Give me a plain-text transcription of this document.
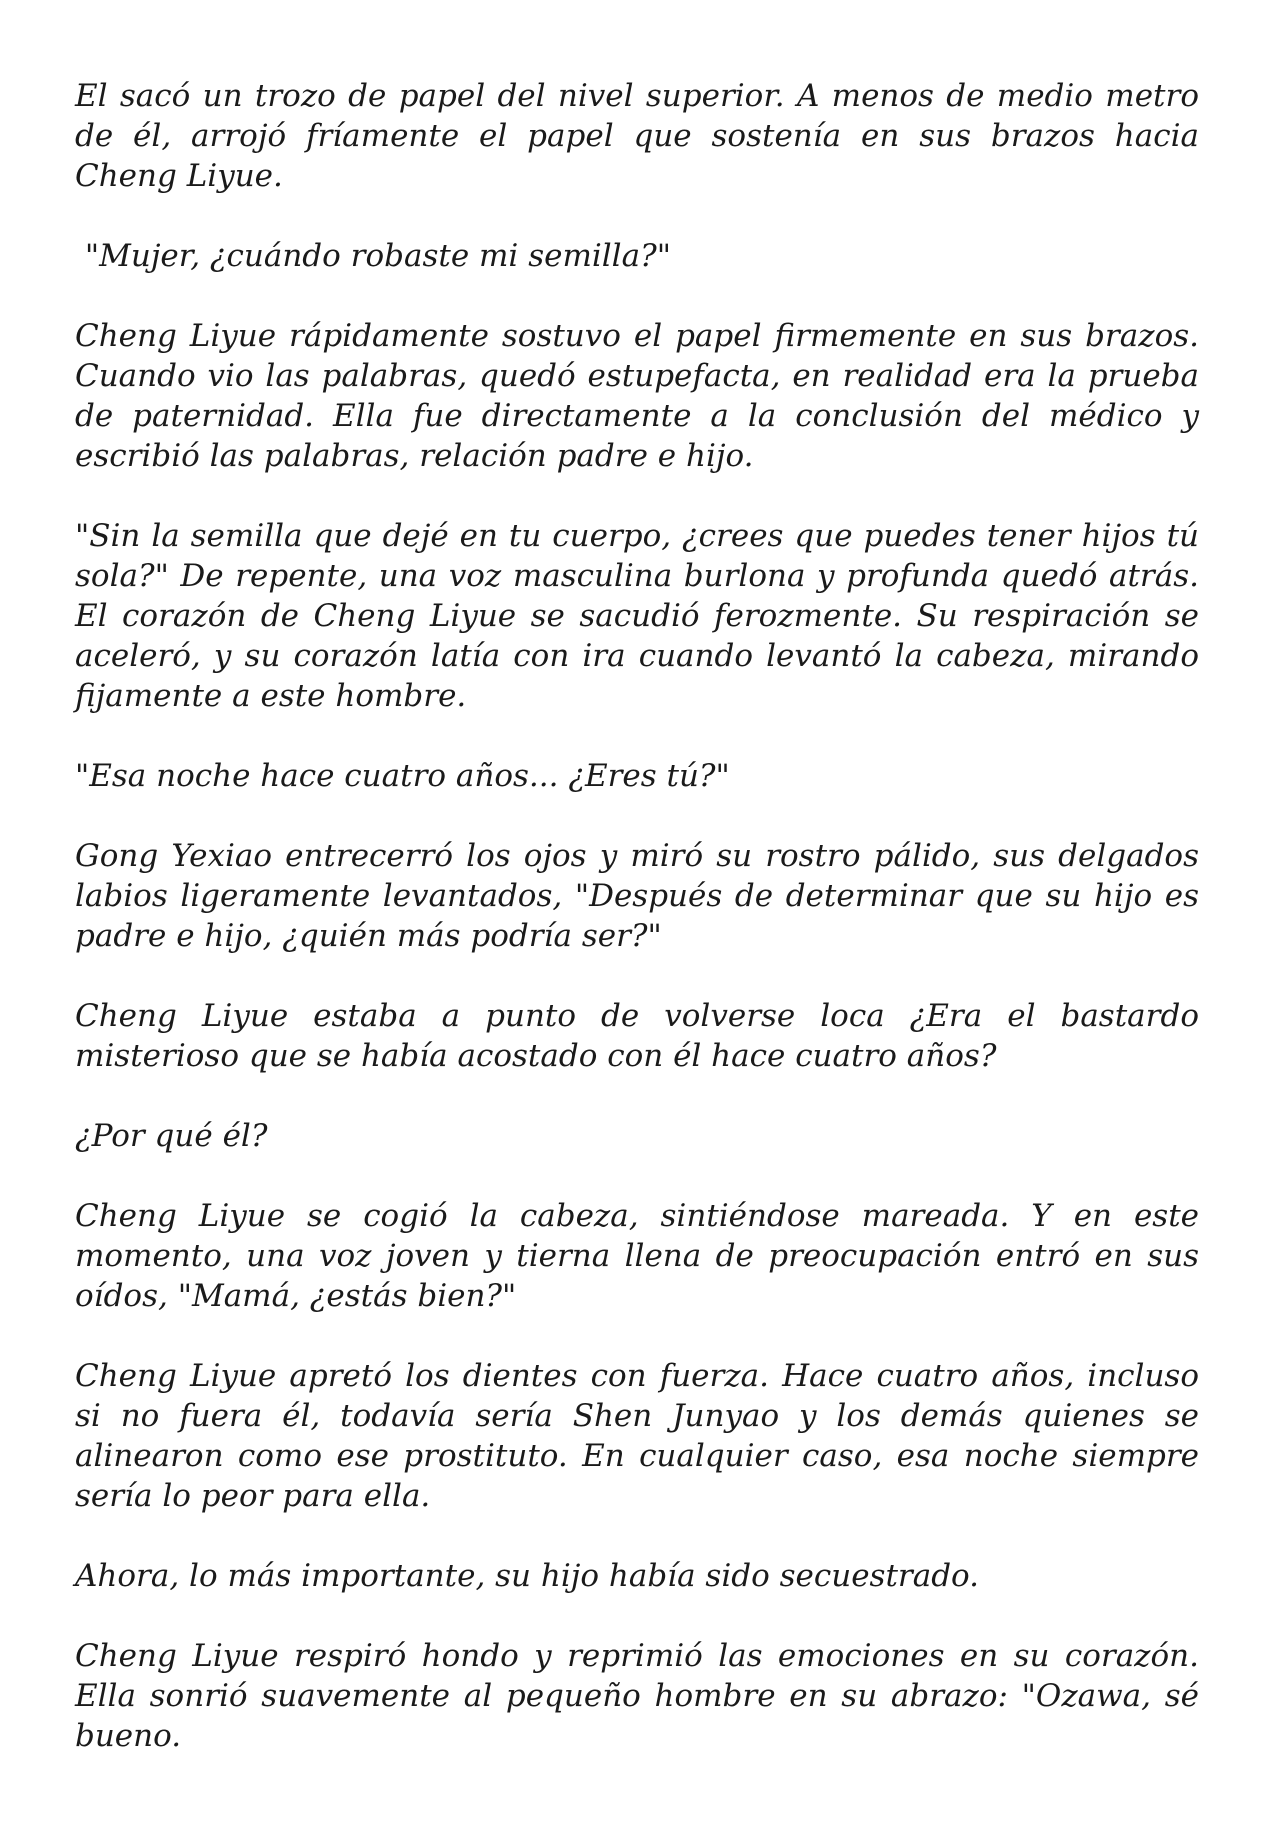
El sacó un trozo de papel del nivel superior. A menos de medio metro de él, arrojó fríamente el papel que sostenía en sus brazos hacia Cheng Liyue.

"Mujer, ¿cuándo robaste mi semilla?"

Cheng Liyue rápidamente sostuvo el papel firmemente en sus brazos. Cuando vio las palabras, quedó estupefacta, en realidad era la prueba de paternidad. Ella fue directamente a la conclusión del médico y escribió las palabras, relación padre e hijo.

"Sin la semilla que dejé en tu cuerpo, ¿crees que puedes tener hijos tú sola?" De repente, una voz masculina burlona y profunda quedó atrás. El corazón de Cheng Liyue se sacudió ferozmente. Su respiración se aceleró, y su corazón latía con ira cuando levantó la cabeza, mirando fijamente a este hombre.

"Esa noche hace cuatro años... ¿Eres tú?"

Gong Yexiao entrecerró los ojos y miró su rostro pálido, sus delgados labios ligeramente levantados, "Después de determinar que su hijo es padre e hijo, ¿quién más podría ser?"

Cheng Liyue estaba a punto de volverse loca ¿Era el bastardo misterioso que se había acostado con él hace cuatro años?

¿Por qué él?

Cheng Liyue se cogió la cabeza, sintiéndose mareada. Y en este momento, una voz joven y tierna llena de preocupación entró en sus oídos, "Mamá, ¿estás bien?"

Cheng Liyue apretó los dientes con fuerza. Hace cuatro años, incluso si no fuera él, todavía sería Shen Junyao y los demás quienes se alinearon como ese prostituto. En cualquier caso, esa noche siempre sería lo peor para ella.

Ahora, lo más importante, su hijo había sido secuestrado.

Cheng Liyue respiró hondo y reprimió las emociones en su corazón. Ella sonrió suavemente al pequeño hombre en su abrazo: "Ozawa, sé bueno.
